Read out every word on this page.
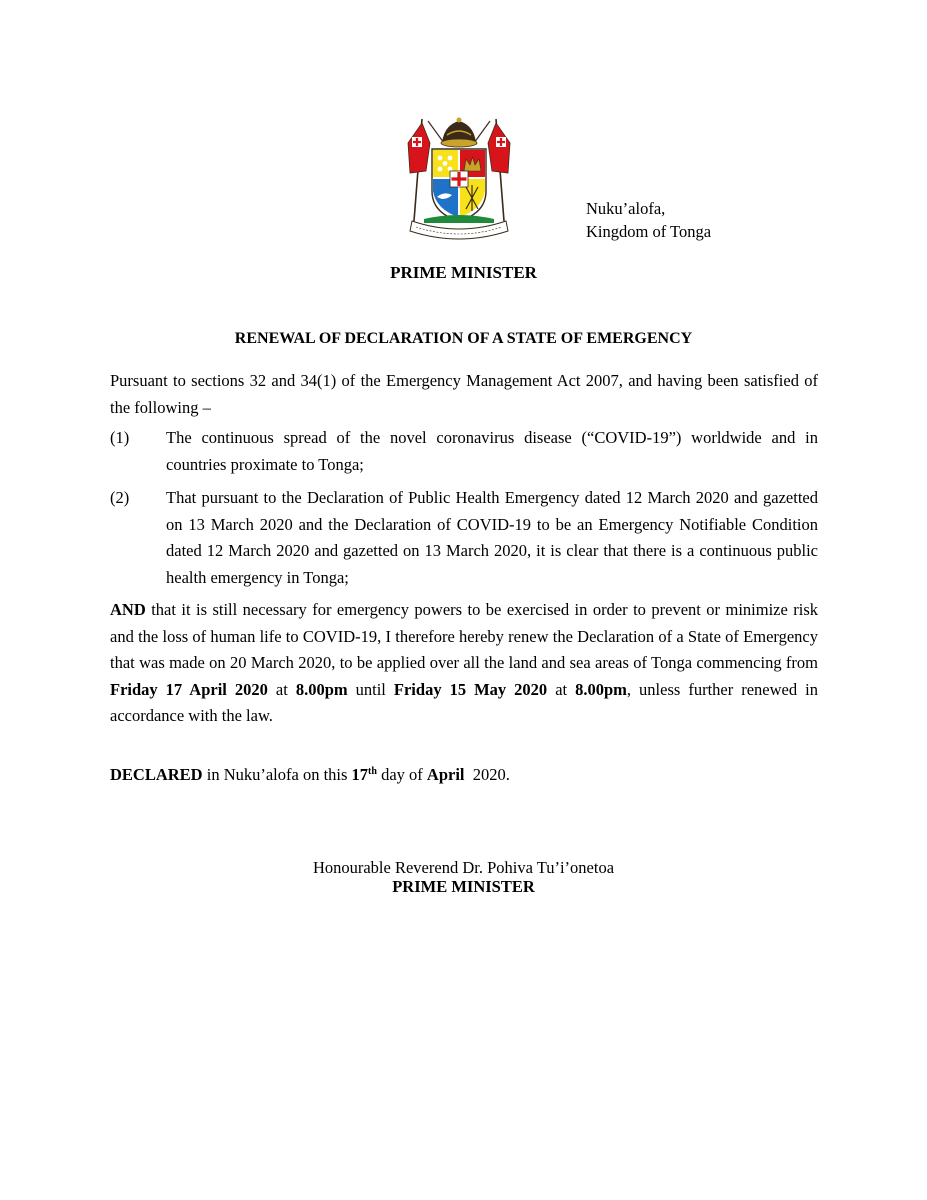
Nuku’alofa,
Kingdom of Tonga
PRIME MINISTER
RENEWAL OF DECLARATION OF A STATE OF EMERGENCY
Pursuant to sections 32 and 34(1) of the Emergency Management Act 2007, and having been satisfied of the following –
(1) The continuous spread of the novel coronavirus disease (“COVID-19”) worldwide and in countries proximate to Tonga;
(2) That pursuant to the Declaration of Public Health Emergency dated 12 March 2020 and gazetted on 13 March 2020 and the Declaration of COVID-19 to be an Emergency Notifiable Condition dated 12 March 2020 and gazetted on 13 March 2020, it is clear that there is a continuous public health emergency in Tonga;
AND that it is still necessary for emergency powers to be exercised in order to prevent or minimize risk and the loss of human life to COVID-19, I therefore hereby renew the Declaration of a State of Emergency that was made on 20 March 2020, to be applied over all the land and sea areas of Tonga commencing from Friday 17 April 2020 at 8.00pm until Friday 15 May 2020 at 8.00pm, unless further renewed in accordance with the law.
DECLARED in Nuku’alofa on this 17th day of April  2020.
Honourable Reverend Dr. Pohiva Tu’i’onetoa
PRIME MINISTER
